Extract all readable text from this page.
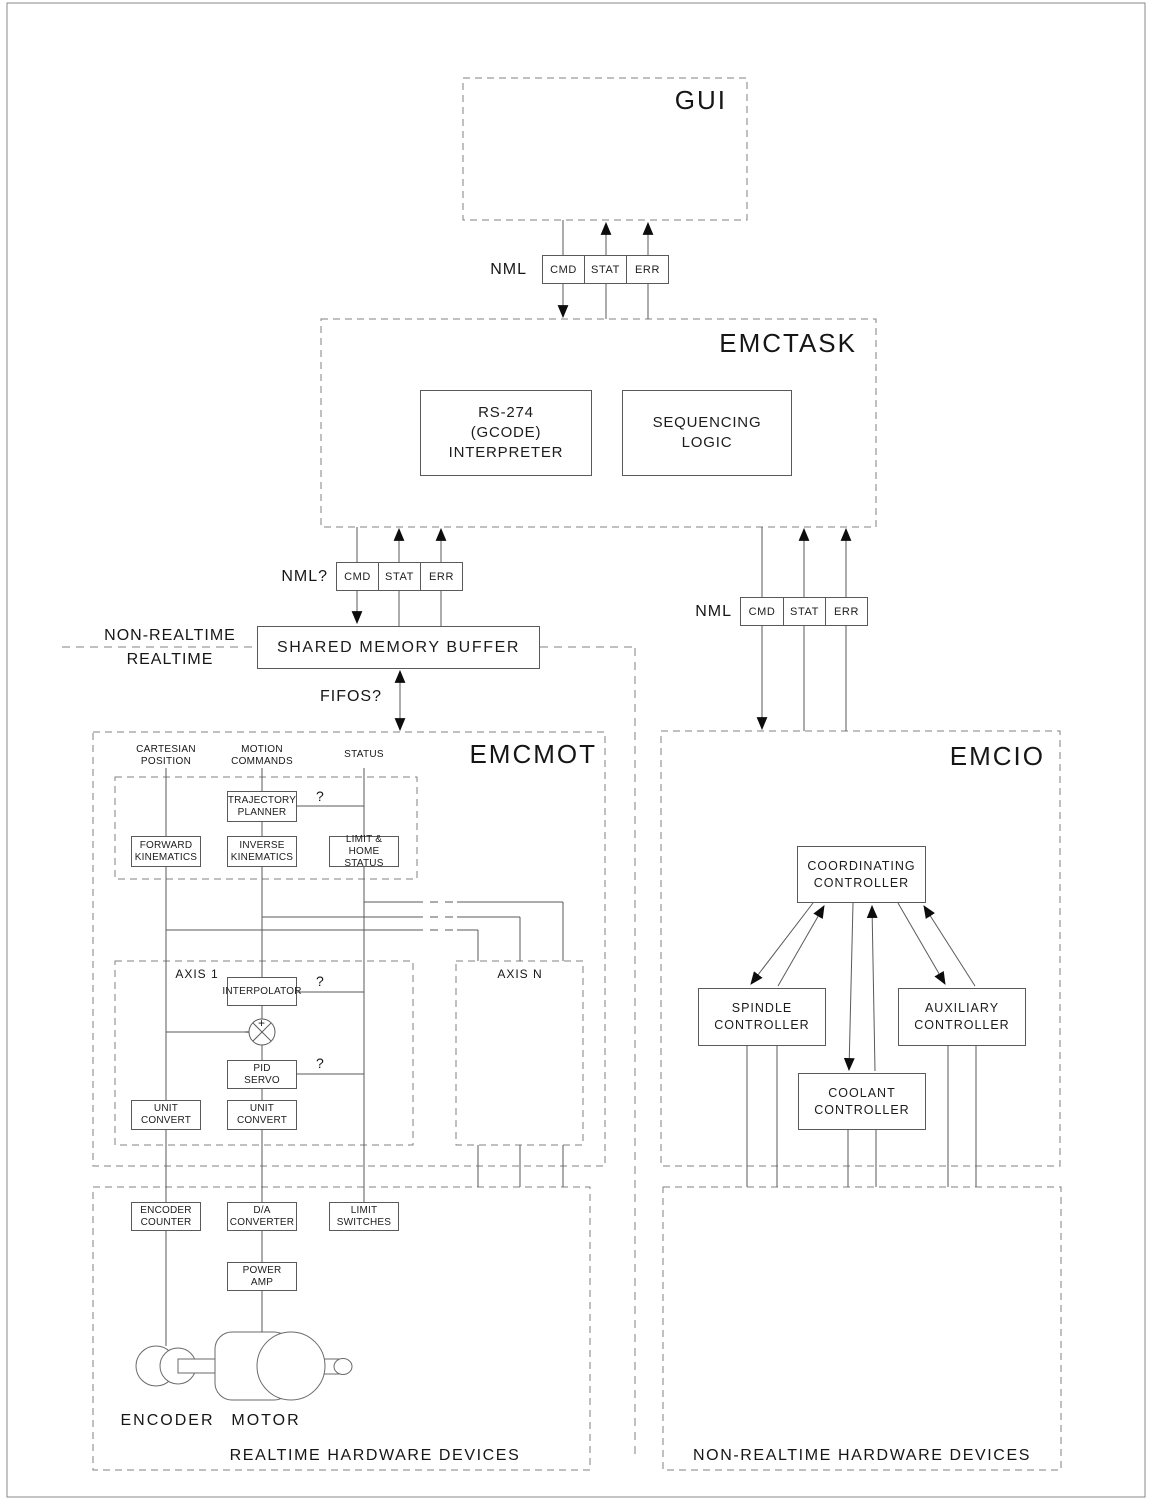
GUI
EMCTASK
EMCMOT	EMCIO
NML CMD STAT ERR
RS-274
(GCODE)
INTERPRETER
SEQUENCING
LOGIC
NML? CMD STAT ERR
NML CMD STAT ERR
NON-REALTIME
REALTIME
SHARED MEMORY BUFFER
FIFOS?
CARTESIAN
POSITION
MOTION
COMMANDS
STATUS
TRAJECTORY
PLANNER
?
FORWARD
KINEMATICS
INVERSE
KINEMATICS
LIMIT & HOME
STATUS
AXIS 1	AXIS N
INTERPOLATOR
?
+
-
PID
SERVO
?
UNIT
CONVERT
UNIT
CONVERT
COORDINATING
CONTROLLER
SPINDLE
CONTROLLER
AUXILIARY
CONTROLLER
COOLANT
CONTROLLER
ENCODER
COUNTER
D/A
CONVERTER
LIMIT
SWITCHES
POWER
AMP
ENCODER	MOTOR
REALTIME HARDWARE DEVICES	NON-REALTIME HARDWARE DEVICES
